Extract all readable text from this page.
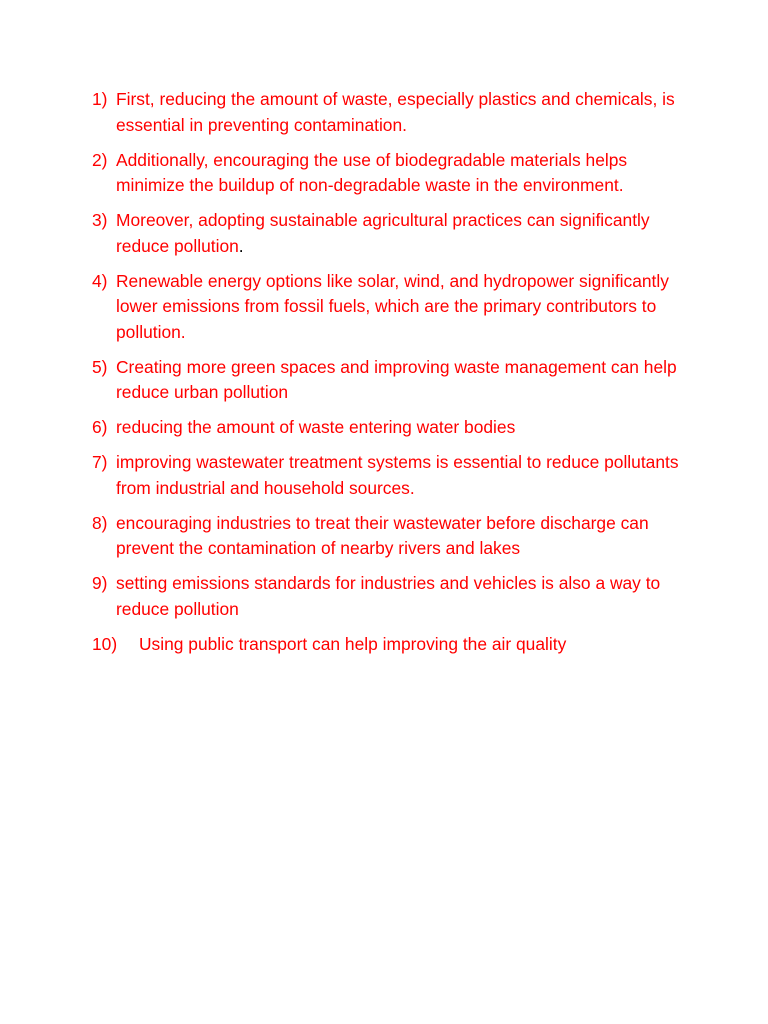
1) First, reducing the amount of waste, especially plastics and chemicals, is essential in preventing contamination.
2) Additionally, encouraging the use of biodegradable materials helps minimize the buildup of non-degradable waste in the environment.
3) Moreover, adopting sustainable agricultural practices can significantly reduce pollution.
4) Renewable energy options like solar, wind, and hydropower significantly lower emissions from fossil fuels, which are the primary contributors to pollution.
5) Creating more green spaces and improving waste management can help reduce urban pollution
6) reducing the amount of waste entering water bodies
7) improving wastewater treatment systems is essential to reduce pollutants from industrial and household sources.
8) encouraging industries to treat their wastewater before discharge can prevent the contamination of nearby rivers and lakes
9) setting emissions standards for industries and vehicles is also a way to reduce pollution
10)	Using public transport can help improving the air quality
